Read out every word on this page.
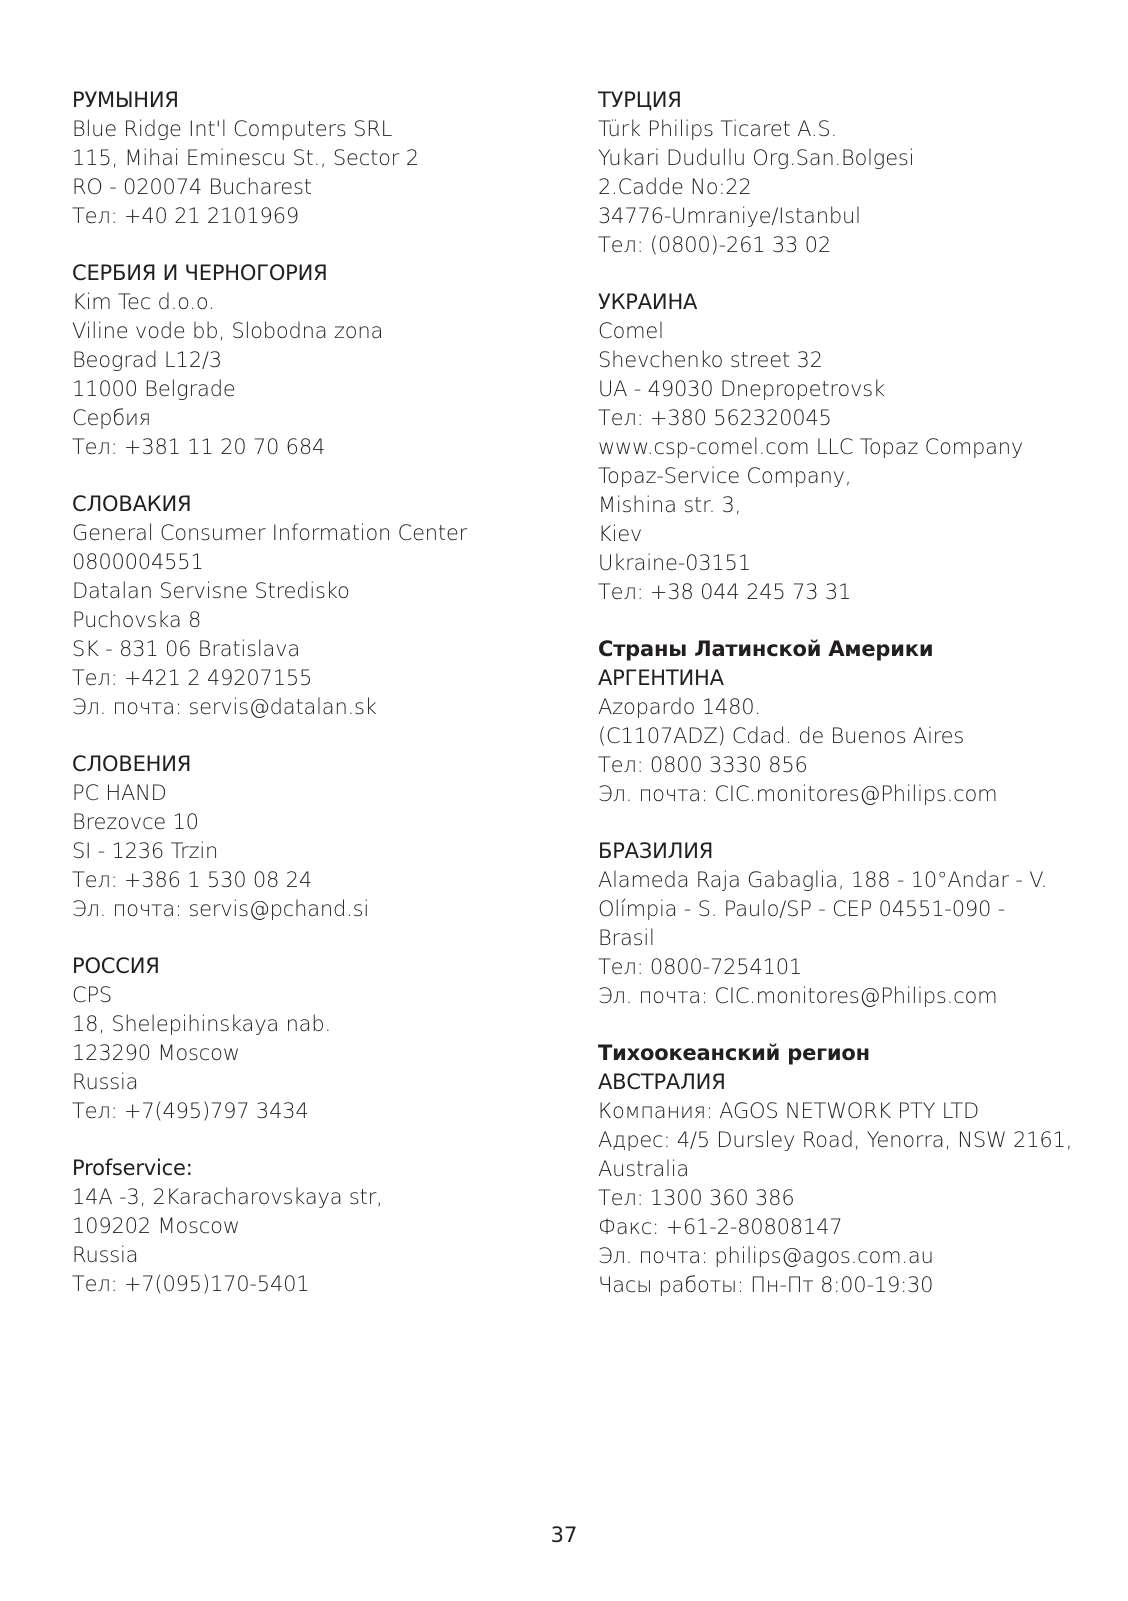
РУМЫНИЯ
Blue Ridge Int'l Computers SRL
115, Mihai Eminescu St., Sector 2
RO - 020074 Bucharest
Тел: +40 21 2101969
СЕРБИЯ И ЧЕРНОГОРИЯ
Kim Tec d.o.o.
Viline vode bb, Slobodna zona
Beograd L12/3
11000 Belgrade
Сербия
Тел: +381 11 20 70 684
СЛОВАКИЯ
General Consumer Information Center
0800004551
Datalan Servisne Stredisko
Puchovska 8
SK - 831 06 Bratislava
Тел: +421 2 49207155
Эл. почта: servis@datalan.sk
СЛОВЕНИЯ
PC HAND
Brezovce 10
SI - 1236 Trzin
Тел: +386 1 530 08 24
Эл. почта: servis@pchand.si
РОССИЯ
CPS
18, Shelepihinskaya nab.
123290 Moscow
Russia
Тел: +7(495)797 3434
Profservice:
14A -3, 2Karacharovskaya str,
109202 Moscow
Russia
Тел: +7(095)170-5401
ТУРЦИЯ
Türk Philips Ticaret A.S.
Yukari Dudullu Org.San.Bolgesi
2.Cadde No:22
34776-Umraniye/Istanbul
Тел: (0800)-261 33 02
УКРАИНА
Comel
Shevchenko street 32
UA - 49030 Dnepropetrovsk
Тел: +380 562320045
www.csp-comel.com LLC Topaz Company
Topaz-Service Company,
Mishina str. 3,
Kiev
Ukraine-03151
Тел: +38 044 245 73 31
Страны Латинской Америки
АРГЕНТИНА
Azopardo 1480.
(C1107ADZ) Cdad. de Buenos Aires
Тел: 0800 3330 856
Эл. почта: CIC.monitores@Philips.com
БРАЗИЛИЯ
Alameda Raja Gabaglia, 188 - 10°Andar - V.
Olímpia - S. Paulo/SP - CEP 04551-090 -
Brasil
Тел: 0800-7254101
Эл. почта: CIC.monitores@Philips.com
Тихоокеанский регион
АВСТРАЛИЯ
Компания: AGOS NETWORK PTY LTD
Адрес: 4/5 Dursley Road, Yenorra, NSW 2161,
Australia
Тел: 1300 360 386
Факс: +61-2-80808147
Эл. почта: philips@agos.com.au
Часы работы: Пн-Пт 8:00-19:30
37
